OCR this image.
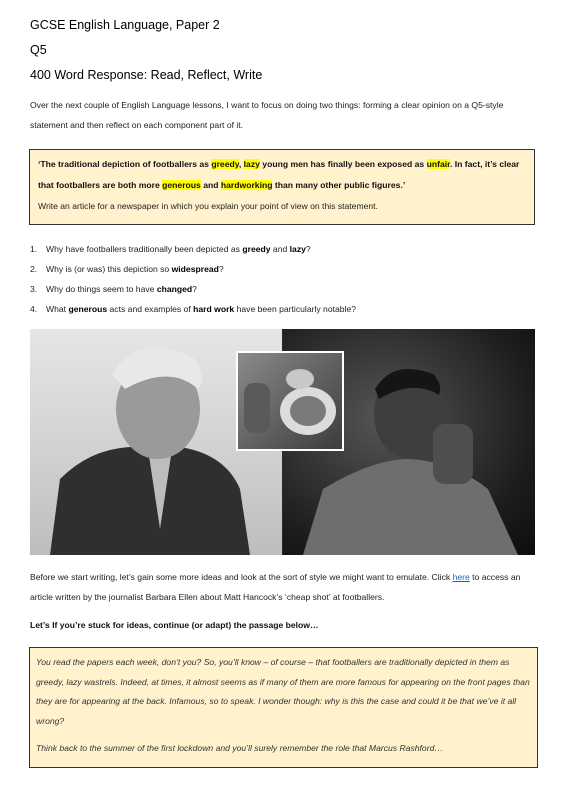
GCSE English Language, Paper 2
Q5
400 Word Response: Read, Reflect, Write
Over the next couple of English Language lessons, I want to focus on doing two things: forming a clear opinion on a Q5-style statement and then reflect on each component part of it.
‘The traditional depiction of footballers as greedy, lazy young men has finally been exposed as unfair. In fact, it’s clear that footballers are both more generous and hardworking than many other public figures.’
Write an article for a newspaper in which you explain your point of view on this statement.
1. Why have footballers traditionally been depicted as greedy and lazy?
2. Why is (or was) this depiction so widespread?
3. Why do things seem to have changed?
4. What generous acts and examples of hard work have been particularly notable?
Before we start writing, let’s gain some more ideas and look at the sort of style we might want to emulate. Click here to access an article written by the journalist Barbara Ellen about Matt Hancock’s ‘cheap shot’ at footballers.
Let’s If you’re stuck for ideas, continue (or adapt) the passage below…

You read the papers each week, don’t you? So, you’ll know – of course – that footballers are traditionally depicted in them as greedy, lazy wastrels. Indeed, at times, it almost seems as if many of them are more famous for appearing on the front pages than they are for appearing at the back. Infamous, so to speak. I wonder though: why is this the case and could it be that we’ve it all wrong?

Think back to the summer of the first lockdown and you’ll surely remember the role that Marcus Rashford…
